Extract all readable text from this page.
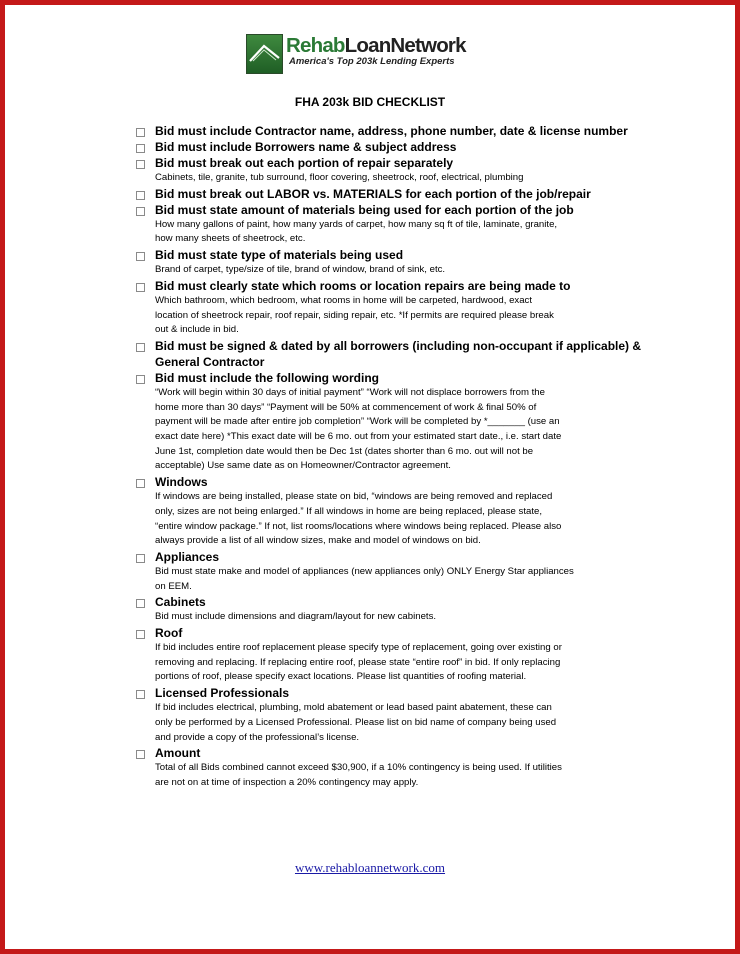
RehabLoanNetwork
America's Top 203k Lending Experts
FHA 203k BID CHECKLIST
Bid must include Contractor name, address, phone number, date & license number
Bid must include Borrowers name & subject address
Bid must break out each portion of repair separately
Cabinets, tile, granite, tub surround, floor covering, sheetrock, roof, electrical, plumbing
Bid must break out LABOR vs. MATERIALS for each portion of the job/repair
Bid must state amount of materials being used for each portion of the job
How many gallons of paint, how many yards of carpet, how many sq ft of tile, laminate, granite,
how many sheets of sheetrock, etc.
Bid must state type of materials being used
Brand of carpet, type/size of tile, brand of window, brand of sink, etc.
Bid must clearly state which rooms or location repairs are being made to
Which bathroom, which bedroom, what rooms in home will be carpeted, hardwood, exact
location of sheetrock repair, roof repair, siding repair, etc. *If permits are required please break
out & include in bid.
Bid must be signed & dated by all borrowers (including non-occupant if applicable) &
General Contractor
Bid must include the following wording
“Work will begin within 30 days of initial payment” “Work will not displace borrowers from the
home more than 30 days” “Payment will be 50% at commencement of work & final 50% of
payment will be made after entire job completion” “Work will be completed by *_______ (use an
exact date here) *This exact date will be 6 mo. out from your estimated start date., i.e. start date
June 1st, completion date would then be Dec 1st (dates shorter than 6 mo. out will not be
acceptable) Use same date as on Homeowner/Contractor agreement.
Windows
If windows are being installed, please state on bid, “windows are being removed and replaced
only, sizes are not being enlarged.” If all windows in home are being replaced, please state,
“entire window package.” If not, list rooms/locations where windows being replaced. Please also
always provide a list of all window sizes, make and model of windows on bid.
Appliances
Bid must state make and model of appliances (new appliances only) ONLY Energy Star appliances
on EEM.
Cabinets
Bid must include dimensions and diagram/layout for new cabinets.
Roof
If bid includes entire roof replacement please specify type of replacement, going over existing or
removing and replacing. If replacing entire roof, please state “entire roof” in bid. If only replacing
portions of roof, please specify exact locations. Please list quantities of roofing material.
Licensed Professionals
If bid includes electrical, plumbing, mold abatement or lead based paint abatement, these can
only be performed by a Licensed Professional. Please list on bid name of company being used
and provide a copy of the professional’s license.
Amount
Total of all Bids combined cannot exceed $30,900, if a 10% contingency is being used. If utilities
are not on at time of inspection a 20% contingency may apply.
www.rehabloannetwork.com
